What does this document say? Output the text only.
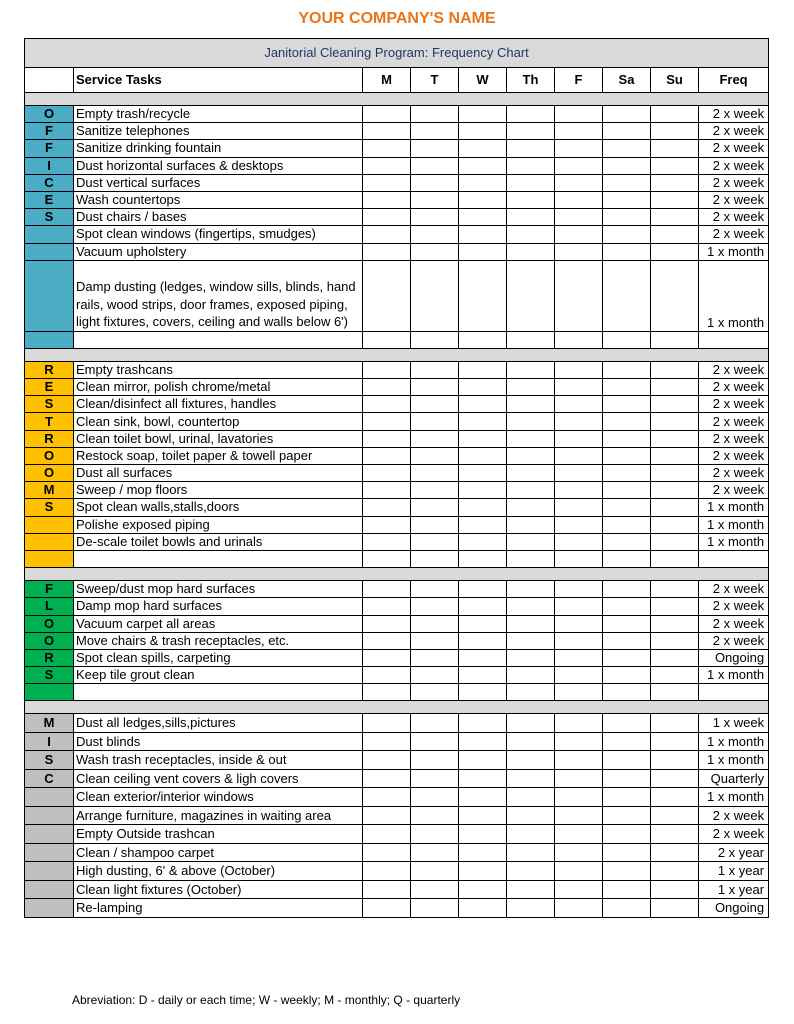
YOUR COMPANY'S NAME
Janitorial Cleaning Program: Frequency Chart									
	Service Tasks	M	T	W	Th	F	Sa	Su	Freq

O	Empty trash/recycle								2 x week
F	Sanitize telephones								2 x week
F	Sanitize drinking fountain								2 x week
I	Dust horizontal surfaces & desktops								2 x week
C	Dust vertical surfaces								2 x week
E	Wash countertops								2 x week
S	Dust chairs / bases								2 x week
	Spot clean windows (fingertips, smudges)								2 x week
	Vacuum upholstery								1 x month
	Damp dusting (ledges, window sills, blinds, hand rails, wood strips, door frames, exposed piping, light fixtures, covers, ceiling and walls below 6')								1 x month

R	Empty trashcans								2 x week
E	Clean mirror, polish chrome/metal								2 x week
S	Clean/disinfect all fixtures, handles								2 x week
T	Clean sink, bowl, countertop								2 x week
R	Clean toilet bowl, urinal, lavatories								2 x week
O	Restock soap, toilet paper & towell paper								2 x week
O	Dust all surfaces								2 x week
M	Sweep / mop floors								2 x week
S	Spot clean walls,stalls,doors								1 x month
	Polishe exposed piping								1 x month
	De-scale toilet bowls and urinals								1 x month

F	Sweep/dust mop hard surfaces								2 x week
L	Damp mop hard surfaces								2 x week
O	Vacuum carpet all areas								2 x week
O	Move chairs & trash receptacles, etc.								2 x week
R	Spot clean spills, carpeting								Ongoing
S	Keep tile grout clean								1 x month

M	Dust all ledges,sills,pictures								1 x week
I	Dust blinds								1 x month
S	Wash trash receptacles, inside & out								1 x month
C	Clean ceiling vent covers & ligh covers								Quarterly
	Clean exterior/interior windows								1 x month
	Arrange furniture, magazines in waiting area								2 x week
	Empty Outside trashcan								2 x week
	Clean / shampoo carpet								2 x year
	High dusting, 6' & above (October)								1 x year
	Clean light fixtures (October)								1 x year
	Re-lamping								Ongoing
Abreviation: D - daily or each time; W - weekly; M - monthly; Q - quarterly
